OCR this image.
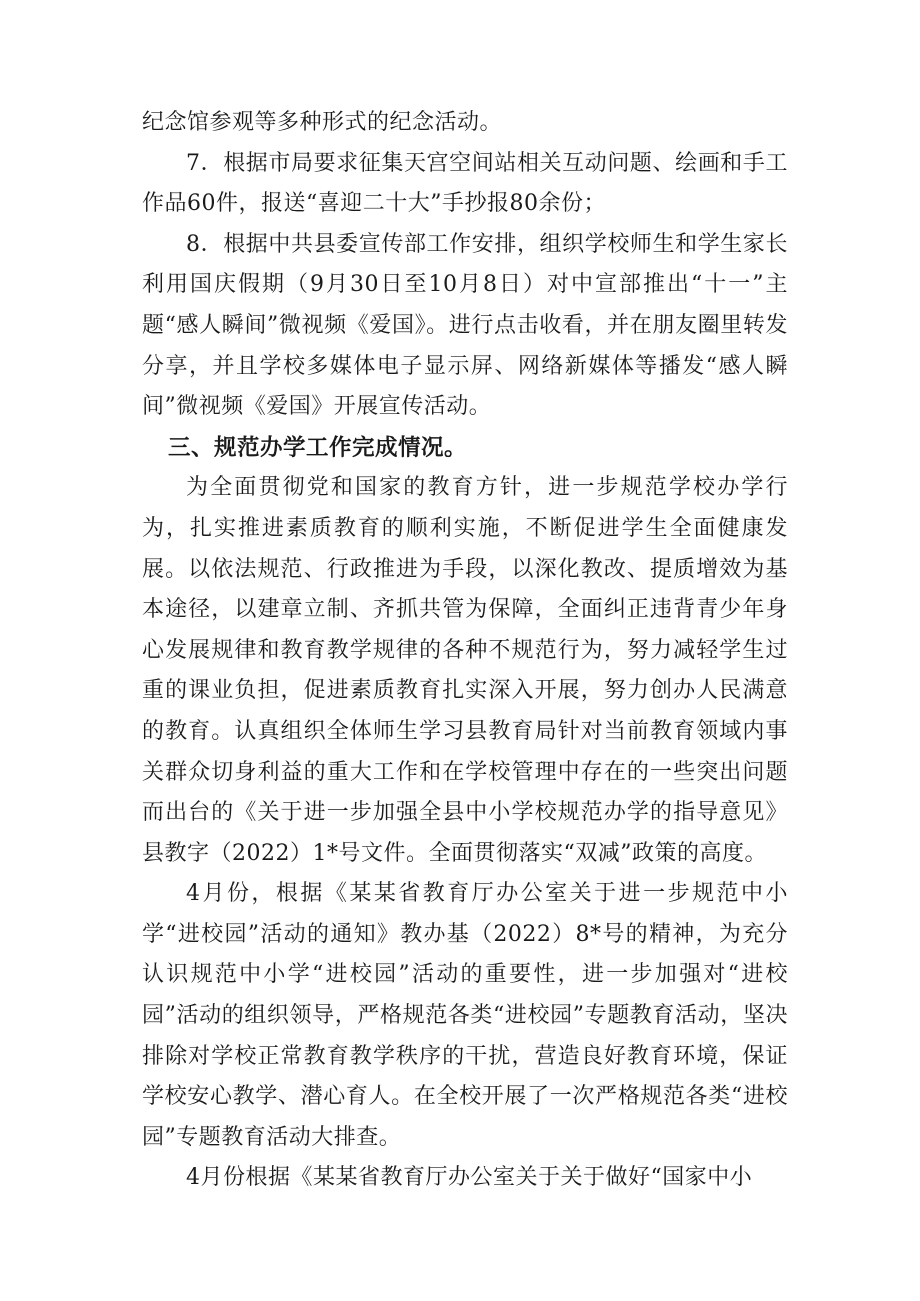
纪念馆参观等多种形式的纪念活动。

7．根据市局要求征集天宫空间站相关互动问题、绘画和手工作品60件，报送“喜迎二十大”手抄报80余份；

8．根据中共县委宣传部工作安排，组织学校师生和学生家长利用国庆假期（9月30日至10月8日）对中宣部推出“十一”主题“感人瞬间”微视频《爱国》。进行点击收看，并在朋友圈里转发分享，并且学校多媒体电子显示屏、网络新媒体等播发“感人瞬间”微视频《爱国》开展宣传活动。

三、规范办学工作完成情况。

为全面贯彻党和国家的教育方针，进一步规范学校办学行为，扎实推进素质教育的顺利实施，不断促进学生全面健康发展。以依法规范、行政推进为手段，以深化教改、提质增效为基本途径，以建章立制、齐抓共管为保障，全面纠正违背青少年身心发展规律和教育教学规律的各种不规范行为，努力减轻学生过重的课业负担，促进素质教育扎实深入开展，努力创办人民满意的教育。认真组织全体师生学习县教育局针对当前教育领域内事关群众切身利益的重大工作和在学校管理中存在的一些突出问题而出台的《关于进一步加强全县中小学校规范办学的指导意见》县教字（2022）1*号文件。全面贯彻落实“双减”政策的高度。

4月份，根据《某某省教育厅办公室关于进一步规范中小学“进校园”活动的通知》教办基（2022）8*号的精神，为充分认识规范中小学“进校园”活动的重要性，进一步加强对“进校园”活动的组织领导，严格规范各类“进校园”专题教育活动，坚决排除对学校正常教育教学秩序的干扰，营造良好教育环境，保证学校安心教学、潜心育人。在全校开展了一次严格规范各类“进校园”专题教育活动大排查。

4月份根据《某某省教育厅办公室关于关于做好“国家中小
